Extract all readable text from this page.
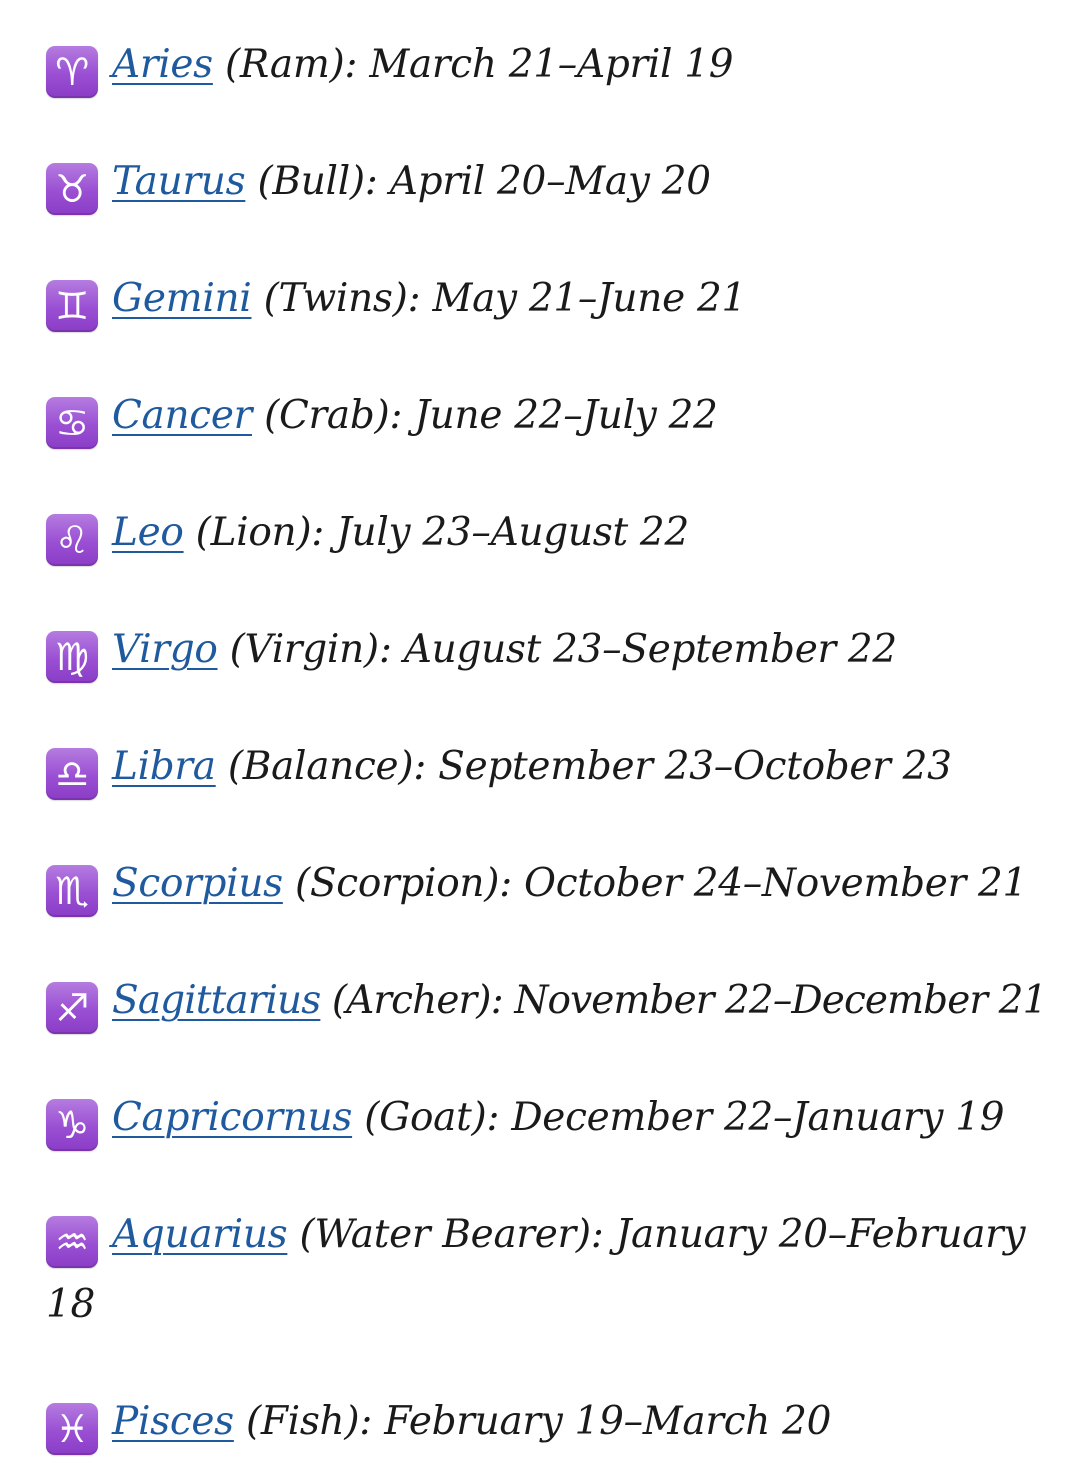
♈ Aries (Ram): March 21–April 19
♉ Taurus (Bull): April 20–May 20
♊ Gemini (Twins): May 21–June 21
♋ Cancer (Crab): June 22–July 22
♌ Leo (Lion): July 23–August 22
♍ Virgo (Virgin): August 23–September 22
♎ Libra (Balance): September 23–October 23
♏ Scorpius (Scorpion): October 24–November 21
♐ Sagittarius (Archer): November 22–December 21
♑ Capricornus (Goat): December 22–January 19
♒ Aquarius (Water Bearer): January 20–February 18
♓ Pisces (Fish): February 19–March 20
